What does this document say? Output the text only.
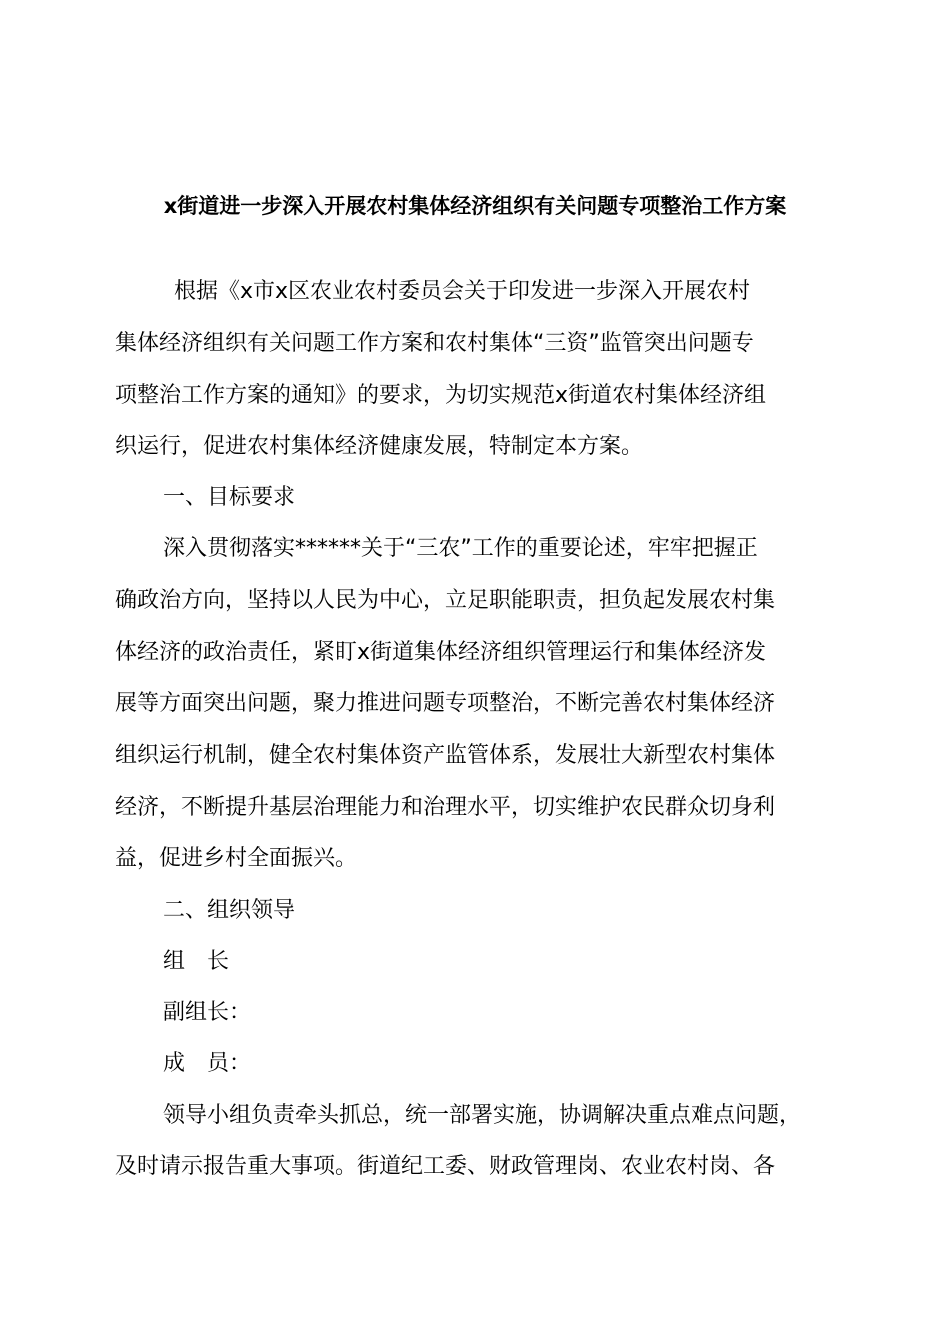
x街道进一步深入开展农村集体经济组织有关问题专项整治工作方案
根据《x市x区农业农村委员会关于印发进一步深入开展农村
集体经济组织有关问题工作方案和农村集体“三资”监管突出问题专
项整治工作方案的通知》的要求，为切实规范x街道农村集体经济组
织运行，促进农村集体经济健康发展，特制定本方案。
一、目标要求
深入贯彻落实******关于“三农”工作的重要论述，牢牢把握正
确政治方向，坚持以人民为中心，立足职能职责，担负起发展农村集
体经济的政治责任，紧盯x街道集体经济组织管理运行和集体经济发
展等方面突出问题，聚力推进问题专项整治，不断完善农村集体经济
组织运行机制，健全农村集体资产监管体系，发展壮大新型农村集体
经济，不断提升基层治理能力和治理水平，切实维护农民群众切身利
益，促进乡村全面振兴。
二、组织领导
组　长
副组长：
成　员：
领导小组负责牵头抓总，统一部署实施，协调解决重点难点问题，
及时请示报告重大事项。街道纪工委、财政管理岗、农业农村岗、各
